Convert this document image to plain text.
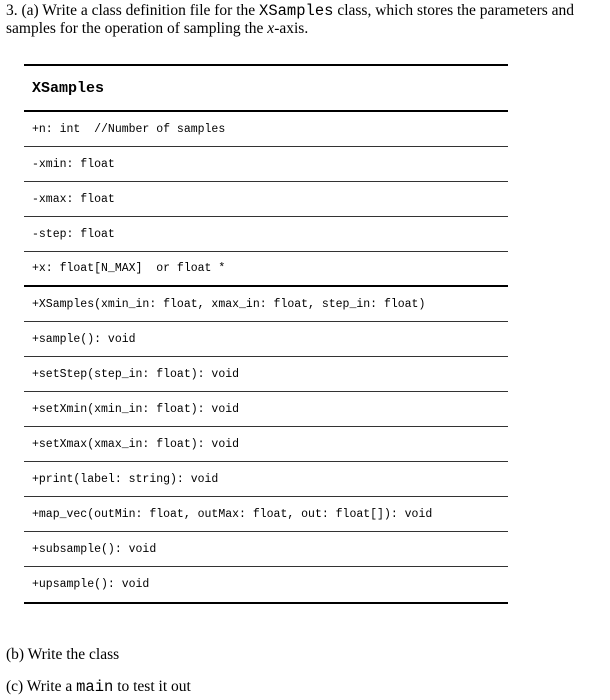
3. (a) Write a class definition file for the XSamples class, which stores the parameters and
samples for the operation of sampling the x-axis.
XSamples
+n: int  //Number of samples
-xmin: float
-xmax: float
-step: float
+x: float[N_MAX]  or float *
+XSamples(xmin_in: float, xmax_in: float, step_in: float)
+sample(): void
+setStep(step_in: float): void
+setXmin(xmin_in: float): void
+setXmax(xmax_in: float): void
+print(label: string): void
+map_vec(outMin: float, outMax: float, out: float[]): void
+subsample(): void
+upsample(): void
(b) Write the class
(c) Write a main to test it out
